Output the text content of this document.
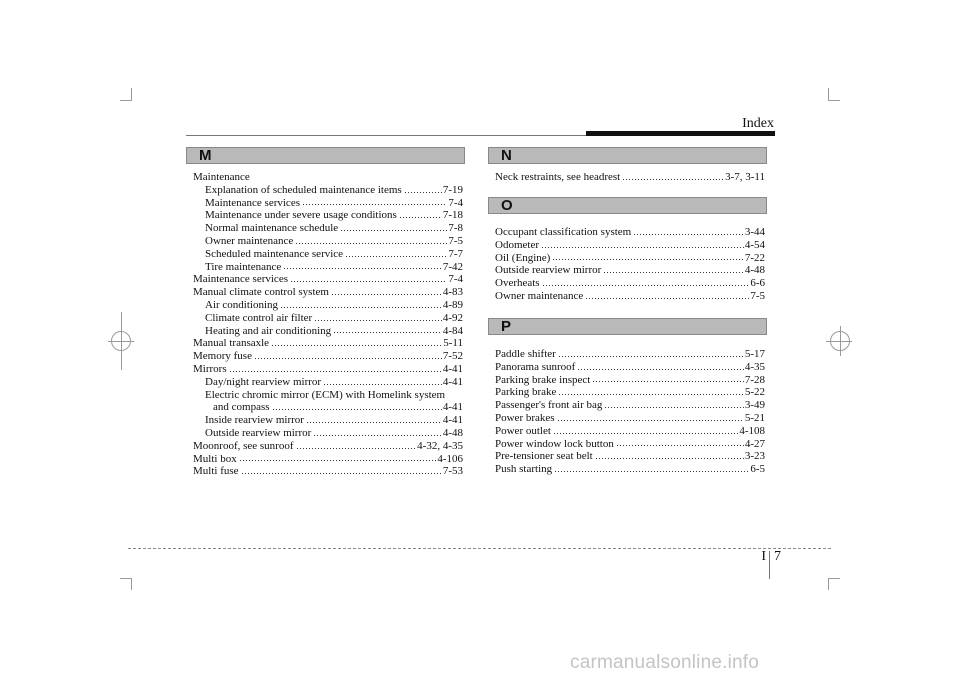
Index
M	N
O
P
Maintenance
Explanation of scheduled maintenance items	7-19
Maintenance services	7-4
Maintenance under severe usage conditions	7-18
Normal maintenance schedule	7-8
Owner maintenance	7-5
Scheduled maintenance service	7-7
Tire maintenance	7-42
Maintenance services	7-4
Manual climate control system	4-83
Air conditioning	4-89
Climate control air filter	4-92
Heating and air conditioning	4-84
Manual transaxle	5-11
Memory fuse	7-52
Mirrors	4-41
Day/night rearview mirror	4-41
Electric chromic mirror (ECM) with Homelink system
and compass	4-41
Inside rearview mirror	4-41
Outside rearview mirror	4-48
Moonroof, see sunroof	4-32, 4-35
Multi box	4-106
Multi fuse	7-53
Neck restraints, see headrest	3-7, 3-11
Occupant classification system	3-44
Odometer	4-54
Oil (Engine)	7-22
Outside rearview mirror	4-48
Overheats	6-6
Owner maintenance	7-5
Paddle shifter	5-17
Panorama sunroof	4-35
Parking brake inspect	7-28
Parking brake	5-22
Passenger's front air bag	3-49
Power brakes	5-21
Power outlet	4-108
Power window lock button	4-27
Pre-tensioner seat belt	3-23
Push starting	6-5
I 7
carmanualsonline.info
